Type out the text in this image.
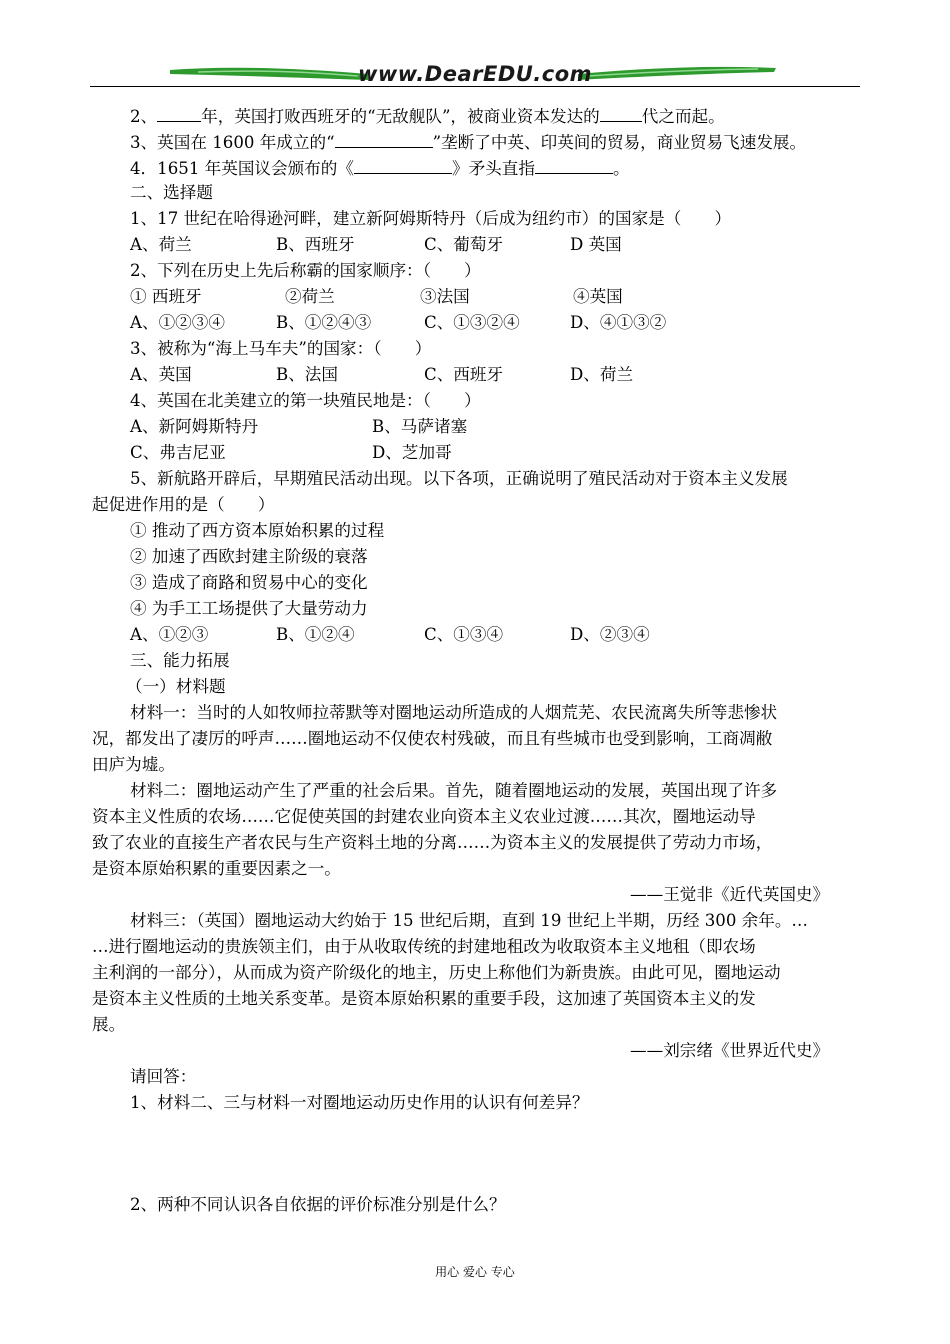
www.DearEDU.com
2、	年，英国打败西班牙的“无敌舰队”，被商业资本发达的	代之而起。
3、英国在 1600 年成立的“	”垄断了中英、印英间的贸易，商业贸易飞速发展。
4．1651 年英国议会颁布的《	》矛头直指	。
二、选择题
1、17 世纪在哈得逊河畔，建立新阿姆斯特丹（后成为纽约市）的国家是（　　）
A、荷兰	B、西班牙	C、葡萄牙	D 英国
2、下列在历史上先后称霸的国家顺序：（　　）
① 西班牙	②荷兰	③法国	④英国
A、①②③④	B、①②④③	C、①③②④	D、④①③②
3、被称为“海上马车夫”的国家：（　　）
A、英国	B、法国	C、西班牙	D、荷兰
4、英国在北美建立的第一块殖民地是：（　　）
A、新阿姆斯特丹	B、马萨诸塞
C、弗吉尼亚	D、芝加哥
5、新航路开辟后，早期殖民活动出现。以下各项，正确说明了殖民活动对于资本主义发展
起促进作用的是（　　）
① 推动了西方资本原始积累的过程
② 加速了西欧封建主阶级的衰落
③ 造成了商路和贸易中心的变化
④ 为手工工场提供了大量劳动力
A、①②③	B、①②④	C、①③④	D、②③④
三、能力拓展
（一）材料题
材料一：当时的人如牧师拉蒂默等对圈地运动所造成的人烟荒芜、农民流离失所等悲惨状
况，都发出了凄厉的呼声……圈地运动不仅使农村残破，而且有些城市也受到影响，工商凋敝
田庐为墟。
材料二：圈地运动产生了严重的社会后果。首先，随着圈地运动的发展，英国出现了许多
资本主义性质的农场……它促使英国的封建农业向资本主义农业过渡……其次，圈地运动导
致了农业的直接生产者农民与生产资料土地的分离……为资本主义的发展提供了劳动力市场，
是资本原始积累的重要因素之一。
——王觉非《近代英国史》
材料三：（英国）圈地运动大约始于 15 世纪后期，直到 19 世纪上半期，历经 300 余年。…
…进行圈地运动的贵族领主们，由于从收取传统的封建地租改为收取资本主义地租（即农场
主利润的一部分），从而成为资产阶级化的地主，历史上称他们为新贵族。由此可见，圈地运动
是资本主义性质的土地关系变革。是资本原始积累的重要手段，这加速了英国资本主义的发
展。
——刘宗绪《世界近代史》
请回答：
1、材料二、三与材料一对圈地运动历史作用的认识有何差异？
2、两种不同认识各自依据的评价标准分别是什么？
用心 爱心 专心
